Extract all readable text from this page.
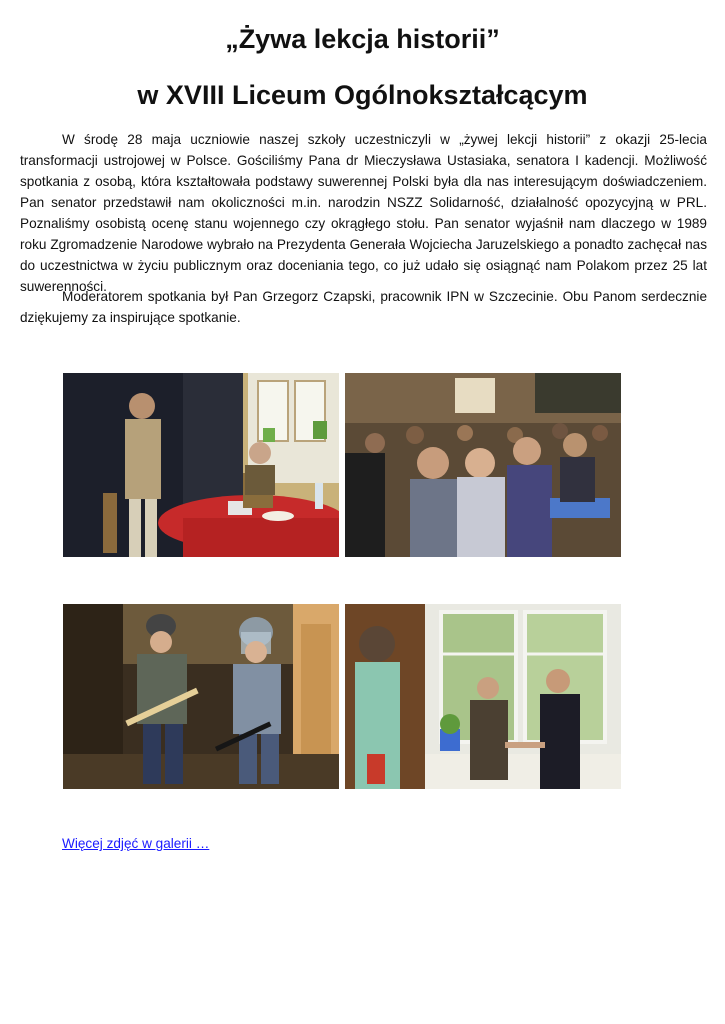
„Żywa lekcja historii”
w XVIII Liceum Ogólnokształcącym

W środę 28 maja uczniowie naszej szkoły uczestniczyli w „żywej lekcji historii” z okazji 25-lecia transformacji ustrojowej w Polsce. Gościliśmy Pana dr Mieczysława Ustasiaka, senatora I kadencji. Możliwość spotkania z osobą, która kształtowała podstawy suwerennej Polski była dla nas interesującym doświadczeniem. Pan senator przedstawił nam okoliczności m.in. narodzin NSZZ Solidarność, działalność opozycyjną w PRL. Poznaliśmy osobistą ocenę stanu wojennego czy okrągłego stołu. Pan senator wyjaśnił nam dlaczego w 1989 roku Zgromadzenie Narodowe wybrało na Prezydenta Generała Wojciecha Jaruzelskiego a ponadto zachęcał nas do uczestnictwa w życiu publicznym oraz doceniania tego, co już udało się osiągnąć nam Polakom przez 25 lat suwerenności.

Moderatorem spotkania był Pan Grzegorz Czapski, pracownik IPN w Szczecinie. Obu Panom serdecznie dziękujemy za inspirujące spotkanie.

Więcej zdjęć w galerii …
